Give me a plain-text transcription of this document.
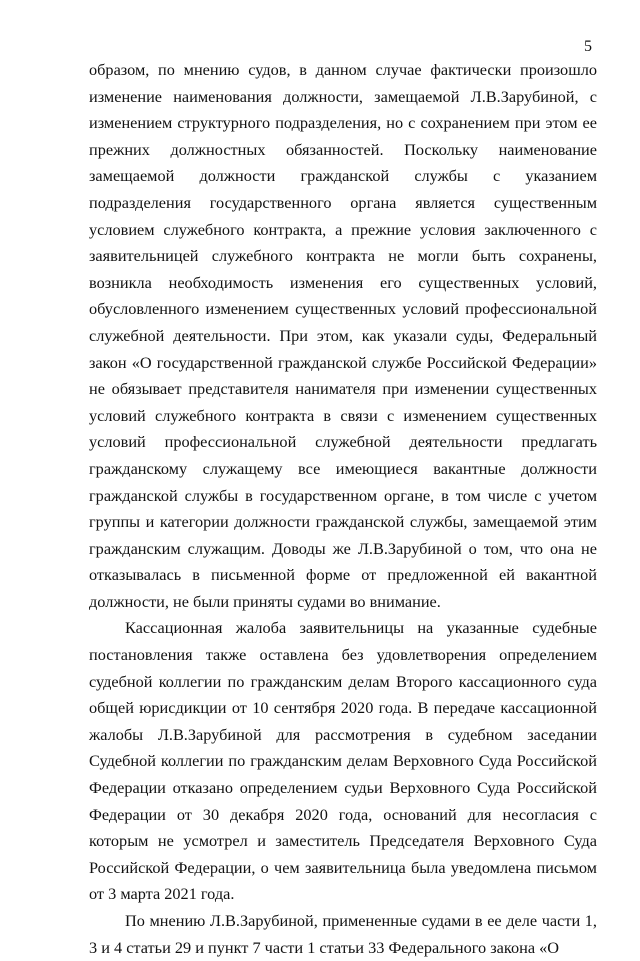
5

образом, по мнению судов, в данном случае фактически произошло изменение наименования должности, замещаемой Л.В.Зарубиной, с изменением структурного подразделения, но с сохранением при этом ее прежних должностных обязанностей. Поскольку наименование замещаемой должности гражданской службы с указанием подразделения государственного органа является существенным условием служебного контракта, а прежние условия заключенного с заявительницей служебного контракта не могли быть сохранены, возникла необходимость изменения его существенных условий, обусловленного изменением существенных условий профессиональной служебной деятельности. При этом, как указали суды, Федеральный закон «О государственной гражданской службе Российской Федерации» не обязывает представителя нанимателя при изменении существенных условий служебного контракта в связи с изменением существенных условий профессиональной служебной деятельности предлагать гражданскому служащему все имеющиеся вакантные должности гражданской службы в государственном органе, в том числе с учетом группы и категории должности гражданской службы, замещаемой этим гражданским служащим. Доводы же Л.В.Зарубиной о том, что она не отказывалась в письменной форме от предложенной ей вакантной должности, не были приняты судами во внимание.

Кассационная жалоба заявительницы на указанные судебные постановления также оставлена без удовлетворения определением судебной коллегии по гражданским делам Второго кассационного суда общей юрисдикции от 10 сентября 2020 года. В передаче кассационной жалобы Л.В.Зарубиной для рассмотрения в судебном заседании Судебной коллегии по гражданским делам Верховного Суда Российской Федерации отказано определением судьи Верховного Суда Российской Федерации от 30 декабря 2020 года, оснований для несогласия с которым не усмотрел и заместитель Председателя Верховного Суда Российской Федерации, о чем заявительница была уведомлена письмом от 3 марта 2021 года.

По мнению Л.В.Зарубиной, примененные судами в ее деле части 1, 3 и 4 статьи 29 и пункт 7 части 1 статьи 33 Федерального закона «О
